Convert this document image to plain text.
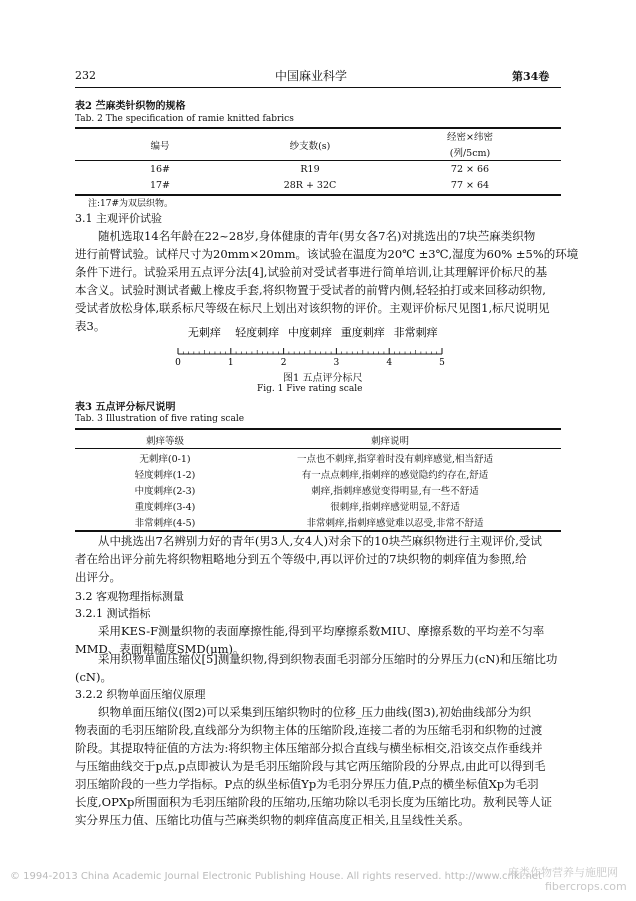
232	中国麻业科学	第34卷
表2 苎麻类针织物的规格
Tab. 2 The specification of ramie knitted fabrics
编号	纱支数(s)
经密×纬密
(列/5cm)
16#	R19	72 × 66
17#	28R + 32C	77 × 64
注:17#为双层织物。
3.1 主观评价试验

随机选取14名年龄在22~28岁,身体健康的青年(男女各7名)对挑选出的7块苎麻类织物

进行前臂试验。试样尺寸为20mm×20mm。该试验在温度为20℃ ±3℃,湿度为60% ±5%的环境

条件下进行。试验采用五点评分法[4],试验前对受试者事进行简单培训,让其理解评价标尺的基

本含义。试验时测试者戴上橡皮手套,将织物置于受试者的前臂内侧,轻轻拍打或来回移动织物,

受试者放松身体,联系标尺等级在标尺上划出对该织物的评价。主观评价标尺见图1,标尺说明见

表3。	无刺痒 轻度刺痒 中度刺痒 重度刺痒 非常刺痒
0	1	2	3	4	5
图1 五点评分标尺
Fig. 1 Five rating scale
表3 五点评分标尺说明
Tab. 3 Illustration of five rating scale
刺痒等级	刺痒说明
无刺痒(0-1)	一点也不刺痒,指穿着时没有刺痒感觉,相当舒适
轻度刺痒(1-2)	有一点点刺痒,指刺痒的感觉隐约约存在,舒适
中度刺痒(2-3)	刺痒,指刺痒感觉变得明显,有一些不舒适
重度刺痒(3-4)	很刺痒,指刺痒感觉明显,不舒适
非常刺痒(4-5)	非常刺痒,指刺痒感觉难以忍受,非常不舒适

从中挑选出7名辨别力好的青年(男3人,女4人)对余下的10块苎麻织物进行主观评价,受试

者在给出评分前先将织物粗略地分到五个等级中,再以评价过的7块织物的刺痒值为参照,给

出评分。

3.2 客观物理指标测量
3.2.1 测试指标

采用KES-F测量织物的表面摩擦性能,得到平均摩擦系数MIU、摩擦系数的平均差不匀率

MMD、表面粗糙度SMD(μm)。

采用织物单面压缩仪[5]测量织物,得到织物表面毛羽部分压缩时的分界压力(cN)和压缩比功

(cN)。

3.2.2 织物单面压缩仪原理

织物单面压缩仪(图2)可以采集到压缩织物时的位移_压力曲线(图3),初始曲线部分为织

物表面的毛羽压缩阶段,直线部分为织物主体的压缩阶段,连接二者的为压缩毛羽和织物的过渡

阶段。其提取特征值的方法为:将织物主体压缩部分拟合直线与横坐标相交,沿该交点作垂线并

与压缩曲线交于p点,p点即被认为是毛羽压缩阶段与其它两压缩阶段的分界点,由此可以得到毛

羽压缩阶段的一些力学指标。P点的纵坐标值Yp为毛羽分界压力值,P点的横坐标值Xp为毛羽

长度,OPXp所围面积为毛羽压缩阶段的压缩功,压缩功除以毛羽长度为压缩比功。敖利民等人证

实分界压力值、压缩比功值与苎麻类织物的刺痒值高度正相关,且呈线性关系。

© 1994-2013 China Academic Journal Electronic Publishing House. All rights reserved. http://www.cnki.net
麻类作物营养与施肥网
fibercrops.com
